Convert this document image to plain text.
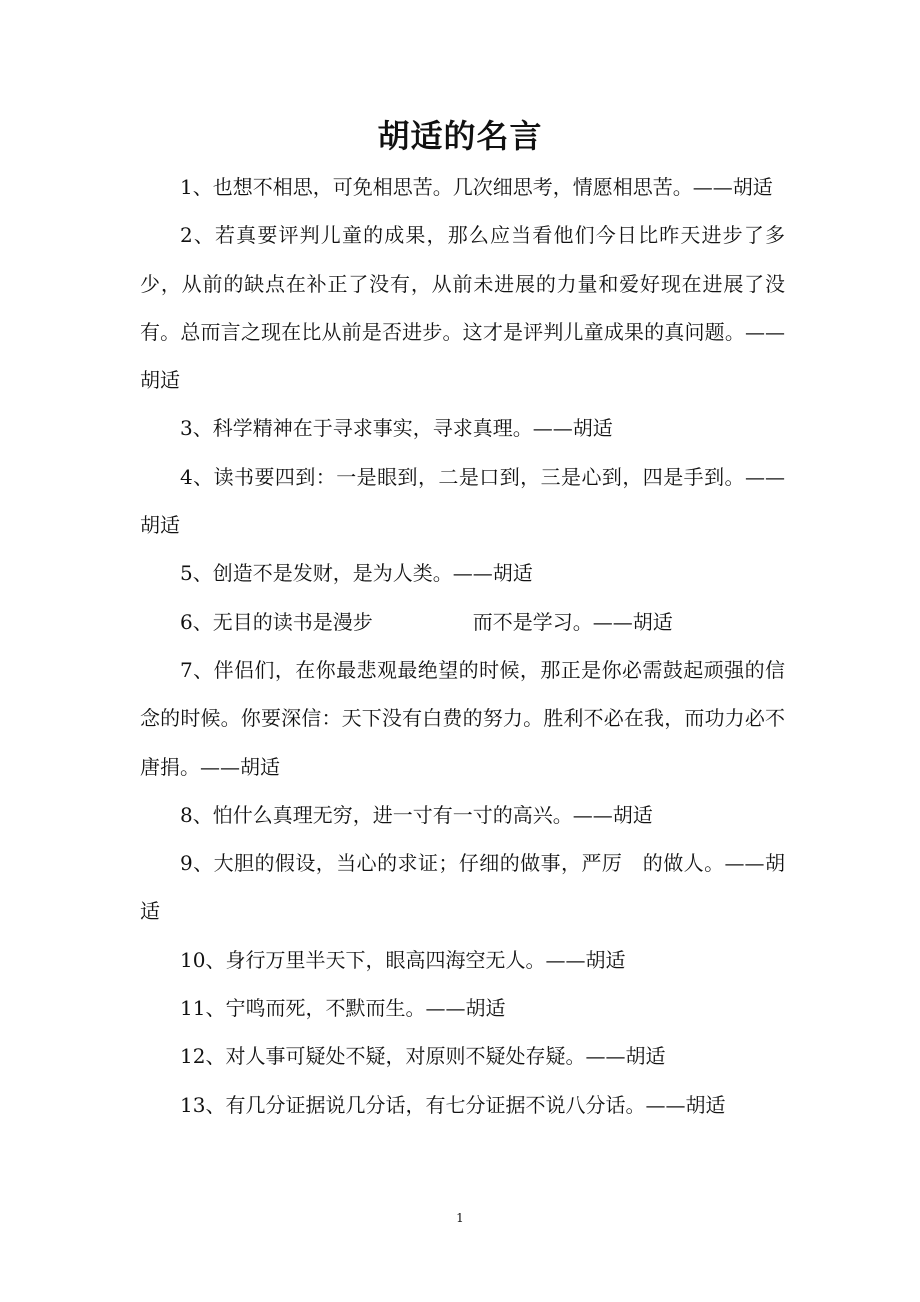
胡适的名言

1、也想不相思，可免相思苦。几次细思考，情愿相思苦。——胡适

2、若真要评判儿童的成果，那么应当看他们今日比昨天进步了多少，从前的缺点在补正了没有，从前未进展的力量和爱好现在进展了没有。总而言之现在比从前是否进步。这才是评判儿童成果的真问题。——胡适

3、科学精神在于寻求事实，寻求真理。——胡适

4、读书要四到：一是眼到，二是口到，三是心到，四是手到。——胡适

5、创造不是发财，是为人类。——胡适

6、无目的读书是漫步　　　　　而不是学习。——胡适

7、伴侣们，在你最悲观最绝望的时候，那正是你必需鼓起顽强的信念的时候。你要深信：天下没有白费的努力。胜利不必在我，而功力必不唐捐。——胡适

8、怕什么真理无穷，进一寸有一寸的高兴。——胡适

9、大胆的假设，当心的求证；仔细的做事，严厉　的做人。——胡适

10、身行万里半天下，眼高四海空无人。——胡适

11、宁鸣而死，不默而生。——胡适

12、对人事可疑处不疑，对原则不疑处存疑。——胡适

13、有几分证据说几分话，有七分证据不说八分话。——胡适

1
